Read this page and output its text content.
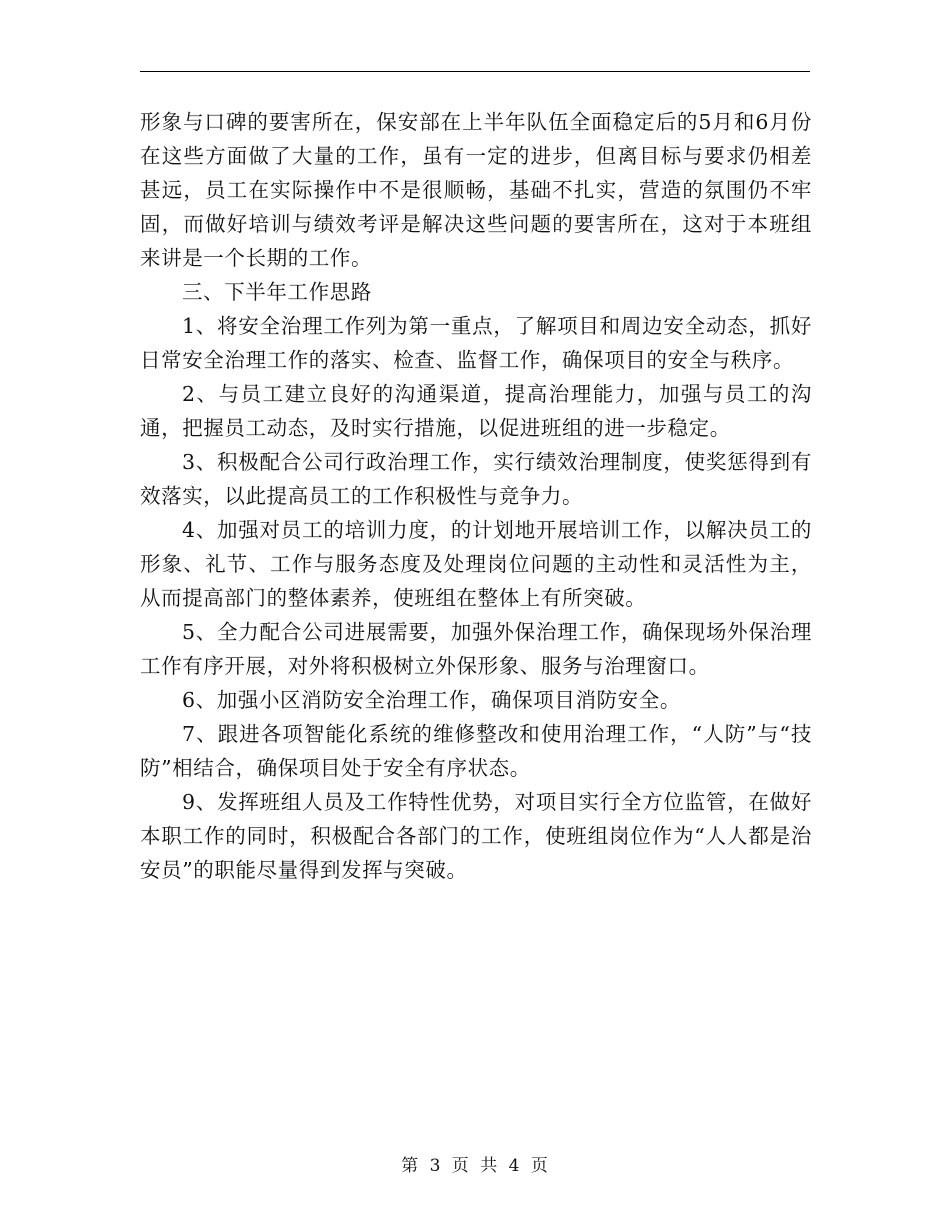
形象与口碑的要害所在，保安部在上半年队伍全面稳定后的5月和6月份在这些方面做了大量的工作，虽有一定的进步，但离目标与要求仍相差甚远，员工在实际操作中不是很顺畅，基础不扎实，营造的氛围仍不牢固，而做好培训与绩效考评是解决这些问题的要害所在，这对于本班组来讲是一个长期的工作。

三、下半年工作思路

1、将安全治理工作列为第一重点，了解项目和周边安全动态，抓好日常安全治理工作的落实、检查、监督工作，确保项目的安全与秩序。

2、与员工建立良好的沟通渠道，提高治理能力，加强与员工的沟通，把握员工动态，及时实行措施，以促进班组的进一步稳定。

3、积极配合公司行政治理工作，实行绩效治理制度，使奖惩得到有效落实，以此提高员工的工作积极性与竞争力。

4、加强对员工的培训力度，的计划地开展培训工作，以解决员工的形象、礼节、工作与服务态度及处理岗位问题的主动性和灵活性为主，从而提高部门的整体素养，使班组在整体上有所突破。

5、全力配合公司进展需要，加强外保治理工作，确保现场外保治理工作有序开展，对外将积极树立外保形象、服务与治理窗口。

6、加强小区消防安全治理工作，确保项目消防安全。

7、跟进各项智能化系统的维修整改和使用治理工作，“人防”与“技防”相结合，确保项目处于安全有序状态。

9、发挥班组人员及工作特性优势，对项目实行全方位监管，在做好本职工作的同时，积极配合各部门的工作，使班组岗位作为“人人都是治安员”的职能尽量得到发挥与突破。

第 3 页 共 4 页
